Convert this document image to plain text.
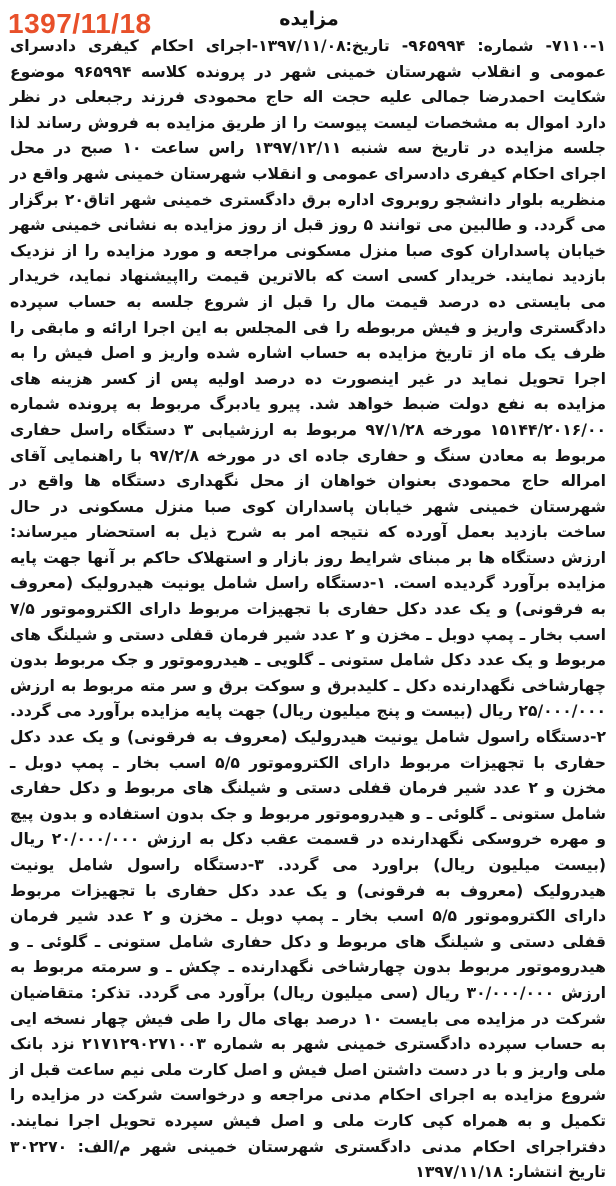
1397/11/18	مزایده
۷۱۱۰-۱- شماره: ۹۶۵۹۹۴- تاریخ:۱۳۹۷/۱۱/۰۸-اجرای احکام کیفری دادسرای عمومی و انقلاب شهرستان خمینی شهر در پرونده کلاسه ۹۶۵۹۹۴ موضوع شکایت احمدرضا جمالی علیه حجت اله حاج محمودی فرزند رجبعلی در نظر دارد اموال به مشخصات لیست پیوست را از طریق مزایده به فروش رساند لذا جلسه مزایده در تاریخ سه شنبه ۱۳۹۷/۱۲/۱۱ راس ساعت ۱۰ صبح در محل اجرای احکام کیفری دادسرای عمومی و انقلاب شهرستان خمینی شهر واقع در منظریه بلوار دانشجو روبروی اداره برق دادگستری خمینی شهر اتاق۲۰ برگزار می گردد. و طالبین می توانند ۵ روز قبل از روز مزایده به نشانی خمینی شهر خیابان پاسداران کوی صبا منزل مسکونی مراجعه و مورد مزایده را از نزدیک بازدید نمایند. خریدار کسی است که بالاترین قیمت رااپیشنهاد نماید، خریدار می بایستی ده درصد قیمت مال را قبل از شروع جلسه به حساب سپرده دادگستری واریز و فیش مربوطه را فی المجلس به این اجرا ارائه و مابقی را ظرف یک ماه از تاریخ مزایده به حساب اشاره شده واریز و اصل فیش را به اجرا تحویل نماید در غیر اینصورت ده درصد اولیه پس از کسر هزینه های مزایده به نفع دولت ضبط خواهد شد. پیرو یادبرگ مربوط به پرونده شماره ۱۵۱۴۴/۲۰۱۶/۰۰ مورخه ۹۷/۱/۲۸ مربوط به ارزشیابی ۳ دستگاه راسل حفاری مربوط به معادن سنگ و حفاری جاده ای در مورخه ۹۷/۲/۸ با راهنمایی آقای امراله حاج محمودی بعنوان خواهان از محل نگهداری دستگاه ها واقع در شهرستان خمینی شهر خیابان پاسداران کوی صبا منزل مسکونی در حال ساخت بازدید بعمل آورده که نتیجه امر به شرح ذیل به استحضار میرساند: ارزش دستگاه ها بر مبنای شرایط روز بازار و استهلاک حاکم بر آنها جهت پایه مزایده برآورد گردیده است. ۱-دستگاه راسل شامل یونیت هیدرولیک (معروف به فرقونی) و یک عدد دکل حفاری با تجهیزات مربوط دارای الکتروموتور ۷/۵ اسب بخار ـ پمپ دوبل ـ مخزن و ۲ عدد شیر فرمان قفلی دستی و شیلنگ های مربوط و یک عدد دکل شامل ستونی ـ گلویی ـ هیدروموتور و جک مربوط بدون چهارشاخی نگهدارنده دکل ـ کلیدبرق و سوکت برق و سر مته مربوط به ارزش ۲۵/۰۰۰/۰۰۰ ریال (بیست و پنج میلیون ریال) جهت پایه مزایده برآورد می گردد. ۲-دستگاه راسول شامل یونیت هیدرولیک (معروف به فرقونی) و یک عدد دکل حفاری با تجهیزات مربوط دارای الکتروموتور ۵/۵ اسب بخار ـ پمپ دوبل ـ مخزن و ۲ عدد شیر فرمان قفلی دستی و شیلنگ های مربوط و دکل حفاری شامل ستونی ـ گلوئی ـ و هیدروموتور مربوط و جک بدون استفاده و بدون پیچ و مهره خروسکی نگهدارنده در قسمت عقب دکل به ارزش ۲۰/۰۰۰/۰۰۰ ریال (بیست میلیون ریال) براورد می گردد. ۳-دستگاه راسول شامل یونیت هیدرولیک (معروف به فرقونی) و یک عدد دکل حفاری با تجهیزات مربوط دارای الکتروموتور ۵/۵ اسب بخار ـ پمپ دوبل ـ مخزن و ۲ عدد شیر فرمان قفلی دستی و شیلنگ های مربوط و دکل حفاری شامل ستونی ـ گلوئی ـ و هیدروموتور مربوط بدون چهارشاخی نگهدارنده ـ چکش ـ و سرمته مربوط به ارزش ۳۰/۰۰۰/۰۰۰ ریال (سی میلیون ریال) برآورد می گردد. تذکر: متقاضیان شرکت در مزایده می بایست ۱۰ درصد بهای مال را طی فیش چهار نسخه ایی به حساب سپرده دادگستری خمینی شهر به شماره ۲۱۷۱۲۹۰۲۷۱۰۰۳ نزد بانک ملی واریز و با در دست داشتن اصل فیش و اصل کارت ملی نیم ساعت قبل از شروع مزایده به اجرای احکام مدنی مراجعه و درخواست شرکت در مزایده را تکمیل و به همراه کپی کارت ملی و اصل فیش سپرده تحویل اجرا نمایند. دفتراجرای احکام مدنی دادگستری شهرستان خمینی شهر م/الف: ۳۰۲۲۷۰ تاریخ انتشار: ۱۳۹۷/۱۱/۱۸
